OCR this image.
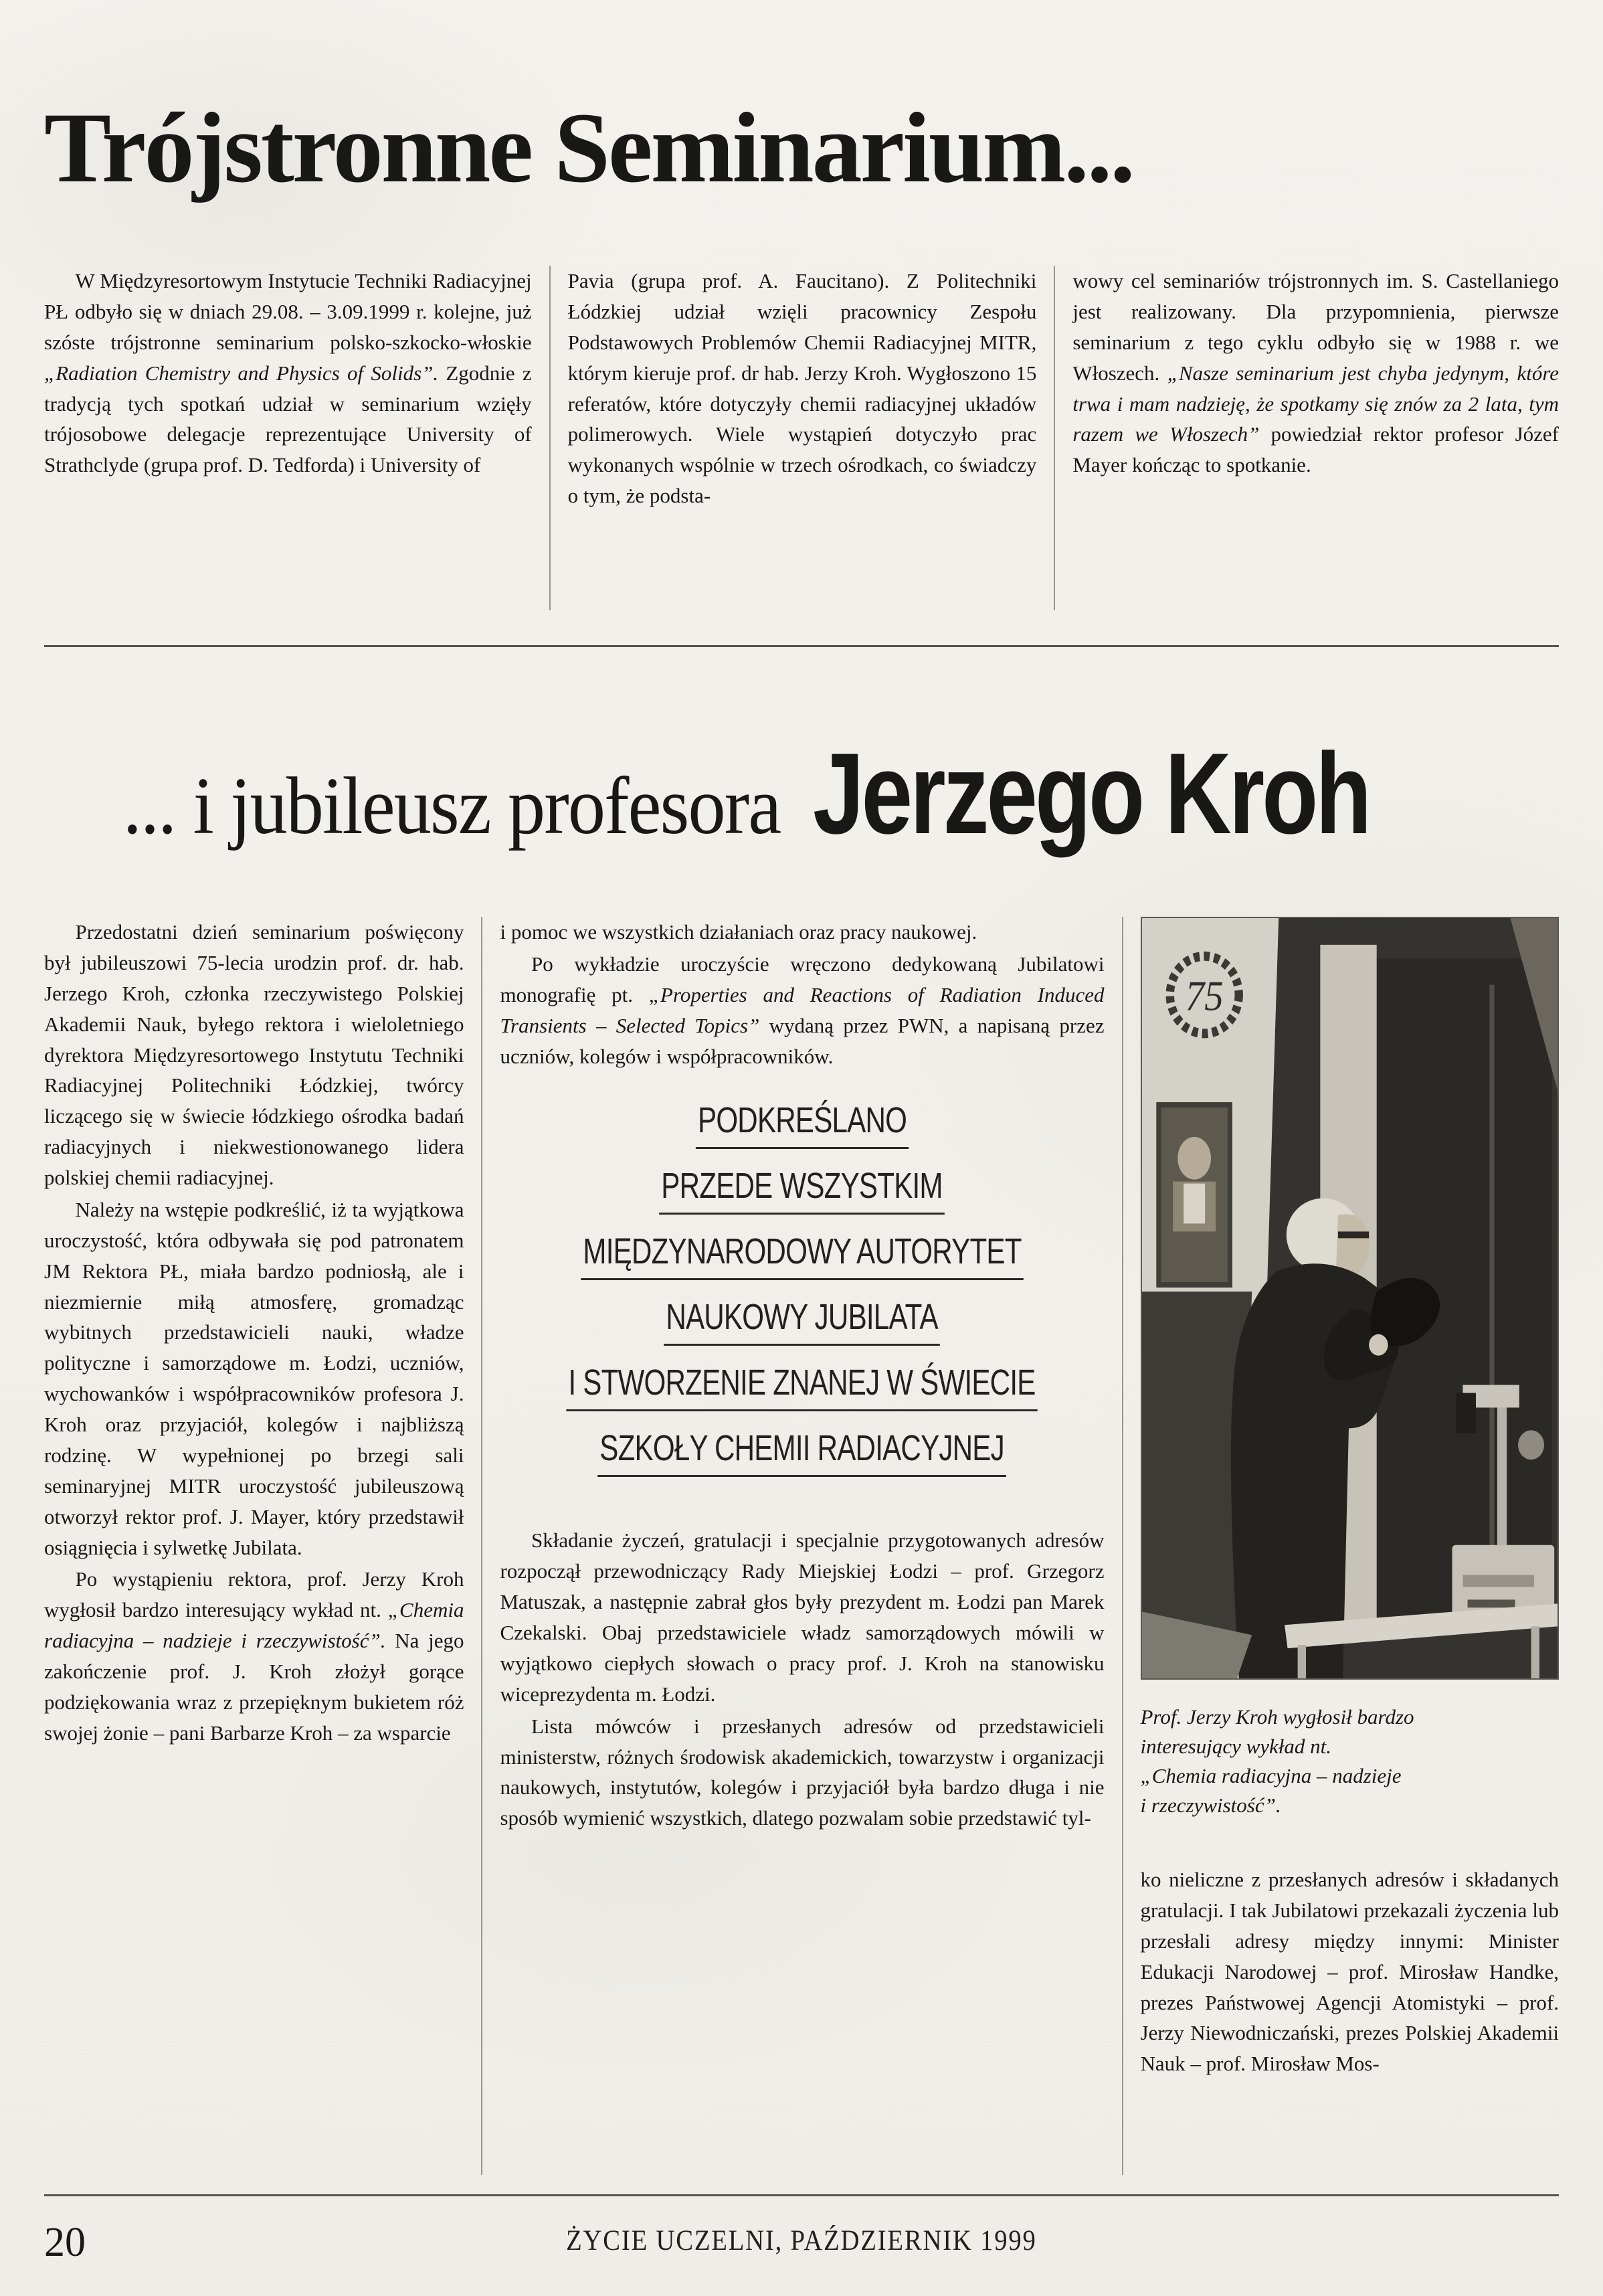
Trójstronne Seminarium...

W Międzyresortowym Instytucie Techniki Radiacyjnej PŁ odbyło się w dniach 29.08. – 3.09.1999 r. kolejne, już szóste trójstronne seminarium polsko-szkocko-włoskie „Radiation Chemistry and Physics of Solids”. Zgodnie z tradycją tych spotkań udział w seminarium wzięły trójosobowe delegacje reprezentujące University of Strathclyde (grupa prof. D. Tedforda) i University of

Pavia (grupa prof. A. Faucitano). Z Politechniki Łódzkiej udział wzięli pracownicy Zespołu Podstawowych Problemów Chemii Radiacyjnej MITR, którym kieruje prof. dr hab. Jerzy Kroh. Wygłoszono 15 referatów, które dotyczyły chemii radiacyjnej układów polimerowych. Wiele wystąpień dotyczyło prac wykonanych wspólnie w trzech ośrodkach, co świadczy o tym, że podsta-

wowy cel seminariów trójstronnych im. S. Castellaniego jest realizowany. Dla przypomnienia, pierwsze seminarium z tego cyklu odbyło się w 1988 r. we Włoszech. „Nasze seminarium jest chyba jedynym, które trwa i mam nadzieję, że spotkamy się znów za 2 lata, tym razem we Włoszech” powiedział rektor profesor Józef Mayer kończąc to spotkanie.

... i jubileusz profesora Jerzego Kroh

Przedostatni dzień seminarium poświęcony był jubileuszowi 75-lecia urodzin prof. dr. hab. Jerzego Kroh, członka rzeczywistego Polskiej Akademii Nauk, byłego rektora i wieloletniego dyrektora Międzyresortowego Instytutu Techniki Radiacyjnej Politechniki Łódzkiej, twórcy liczącego się w świecie łódzkiego ośrodka badań radiacyjnych i niekwestionowanego lidera polskiej chemii radiacyjnej.

Należy na wstępie podkreślić, iż ta wyjątkowa uroczystość, która odbywała się pod patronatem JM Rektora PŁ, miała bardzo podniosłą, ale i niezmiernie miłą atmosferę, gromadząc wybitnych przedstawicieli nauki, władze polityczne i samorządowe m. Łodzi, uczniów, wychowanków i współpracowników profesora J. Kroh oraz przyjaciół, kolegów i najbliższą rodzinę. W wypełnionej po brzegi sali seminaryjnej MITR uroczystość jubileuszową otworzył rektor prof. J. Mayer, który przedstawił osiągnięcia i sylwetkę Jubilata.

Po wystąpieniu rektora, prof. Jerzy Kroh wygłosił bardzo interesujący wykład nt. „Chemia radiacyjna – nadzieje i rzeczywistość”. Na jego zakończenie prof. J. Kroh złożył gorące podziękowania wraz z przepięknym bukietem róż swojej żonie – pani Barbarze Kroh – za wsparcie

i pomoc we wszystkich działaniach oraz pracy naukowej.

Po wykładzie uroczyście wręczono dedykowaną Jubilatowi monografię pt. „Properties and Reactions of Radiation Induced Transients – Selected Topics” wydaną przez PWN, a napisaną przez uczniów, kolegów i współpracowników.

PODKREŚLANO
PRZEDE WSZYSTKIM
MIĘDZYNARODOWY AUTORYTET
NAUKOWY JUBILATA
I STWORZENIE ZNANEJ W ŚWIECIE
SZKOŁY CHEMII RADIACYJNEJ

Składanie życzeń, gratulacji i specjalnie przygotowanych adresów rozpoczął przewodniczący Rady Miejskiej Łodzi – prof. Grzegorz Matuszak, a następnie zabrał głos były prezydent m. Łodzi pan Marek Czekalski. Obaj przedstawiciele władz samorządowych mówili w wyjątkowo ciepłych słowach o pracy prof. J. Kroh na stanowisku wiceprezydenta m. Łodzi.

Lista mówców i przesłanych adresów od przedstawicieli ministerstw, różnych środowisk akademickich, towarzystw i organizacji naukowych, instytutów, kolegów i przyjaciół była bardzo długa i nie sposób wymienić wszystkich, dlatego pozwalam sobie przedstawić tyl-

75
Prof. Jerzy Kroh wygłosił bardzo
interesujący wykład nt.
„Chemia radiacyjna – nadzieje
i rzeczywistość”.

ko nieliczne z przesłanych adresów i składanych gratulacji. I tak Jubilatowi przekazali życzenia lub przesłali adresy między innymi: Minister Edukacji Narodowej – prof. Mirosław Handke, prezes Państwowej Agencji Atomistyki – prof. Jerzy Niewodniczański, prezes Polskiej Akademii Nauk – prof. Mirosław Mos-

20	ŻYCIE UCZELNI, PAŹDZIERNIK 1999
